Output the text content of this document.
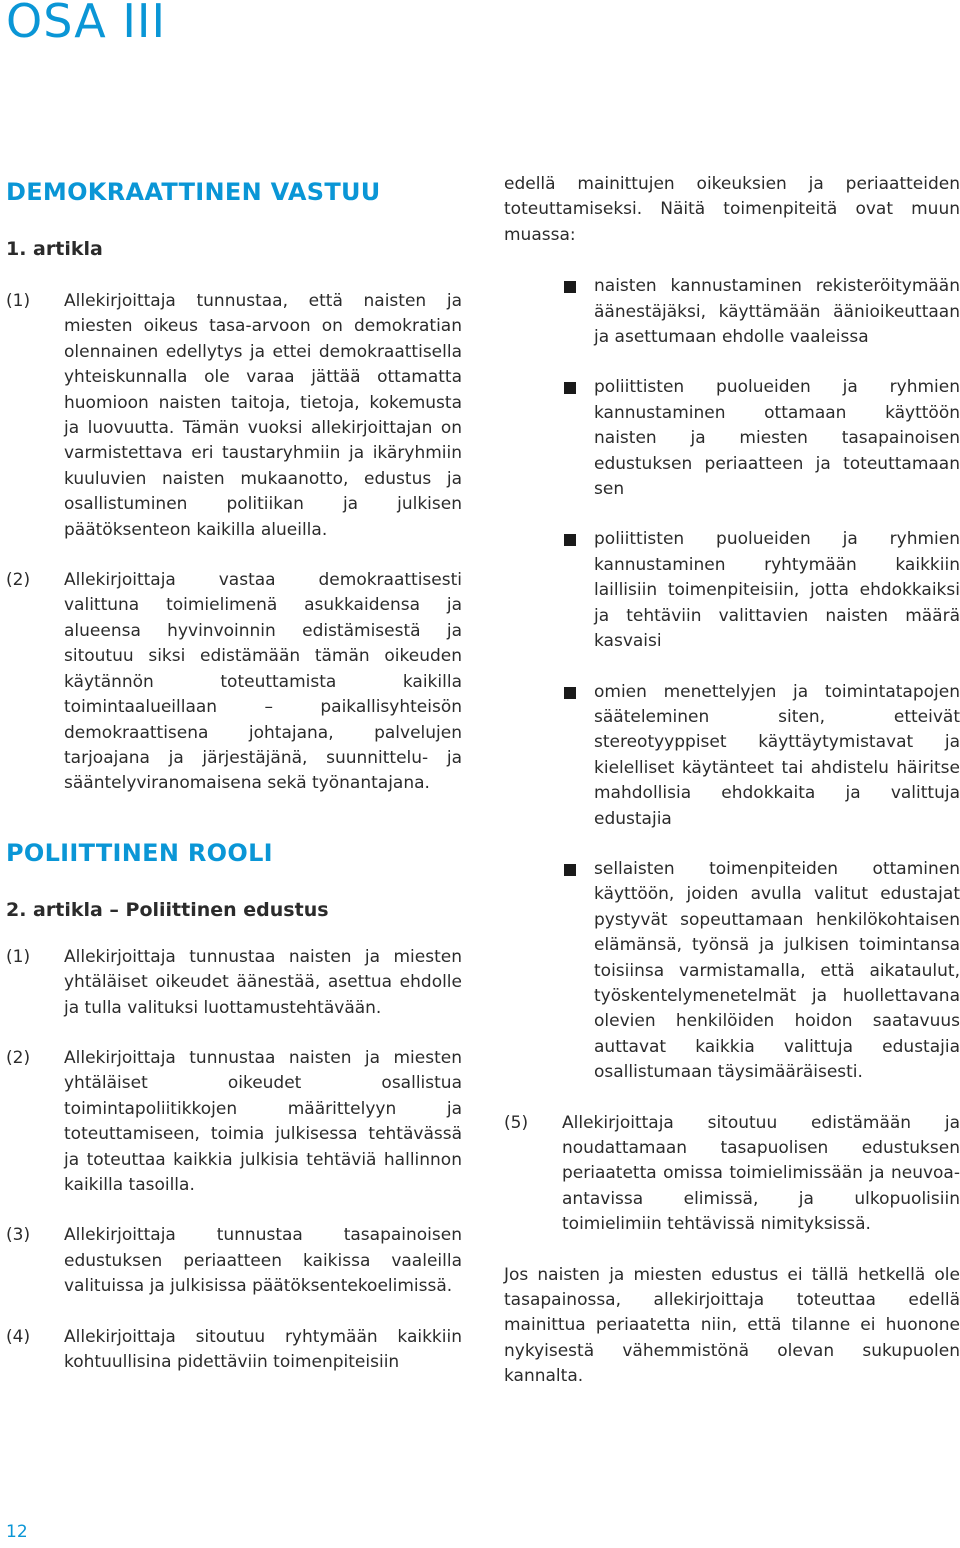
OSA III
DEMOKRAATTINEN VASTUU
1. artikla
(1)	Allekirjoittaja tunnustaa, että naisten ja miesten oikeus tasa-arvoon on demokratian olennainen edellytys ja ettei demokraattisella yhteiskunnalla ole varaa jättää ottamatta huomioon naisten taitoja, tietoja, kokemusta ja luovuutta. Tämän vuoksi allekirjoittajan on varmistettava eri taustaryhmiin ja ikäryhmiin kuuluvien naisten mukaanotto, edustus ja osallistuminen politiikan ja julkisen päätöksenteon kaikilla alueilla.
(2)	Allekirjoittaja vastaa demokraattisesti valittuna toimielimenä asukkaidensa ja alueensa hyvinvoinnin edistämisestä ja sitoutuu siksi edistämään tämän oikeuden käytännön toteuttamista kaikilla toimintaalueillaan – paikallisyhteisön demokraattisena johtajana, palvelujen tarjoajana ja järjestäjänä, suunnittelu- ja sääntelyviranomaisena sekä työnantajana.
POLIITTINEN ROOLI
2. artikla – Poliittinen edustus
(1)	Allekirjoittaja tunnustaa naisten ja miesten yhtäläiset oikeudet äänestää, asettua ehdolle ja tulla valituksi luottamustehtävään.
(2)	Allekirjoittaja tunnustaa naisten ja miesten yhtäläiset oikeudet osallistua toimintapoliitikkojen määrittelyyn ja toteuttamiseen, toimia julkisessa tehtävässä ja toteuttaa kaikkia julkisia tehtäviä hallinnon kaikilla tasoilla.
(3)	Allekirjoittaja tunnustaa tasapainoisen edustuksen periaatteen kaikissa vaaleilla valituissa ja julkisissa päätöksentekoelimissä.
(4)	Allekirjoittaja sitoutuu ryhtymään kaikkiin kohtuullisina pidettäviin toimenpiteisiin
edellä mainittujen oikeuksien ja periaatteiden toteuttamiseksi. Näitä toimenpiteitä ovat muun muassa:
naisten kannustaminen rekisteröitymään äänestäjäksi, käyttämään äänioikeuttaan ja asettumaan ehdolle vaaleissa
poliittisten puolueiden ja ryhmien kannustaminen ottamaan käyttöön naisten ja miesten tasapainoisen edustuksen periaatteen ja toteuttamaan sen
poliittisten puolueiden ja ryhmien kannustaminen ryhtymään kaikkiin laillisiin toimenpiteisiin, jotta ehdokkaiksi ja tehtäviin valittavien naisten määrä kasvaisi
omien menettelyjen ja toimintatapojen sääteleminen siten, etteivät stereotyyppiset käyttäytymistavat ja kielelliset käytänteet tai ahdistelu häiritse mahdollisia ehdokkaita ja valittuja edustajia
sellaisten toimenpiteiden ottaminen käyttöön, joiden avulla valitut edustajat pystyvät sopeuttamaan henkilökohtaisen elämänsä, työnsä ja julkisen toimintansa toisiinsa varmistamalla, että aikataulut, työskentelymenetelmät ja huollettavana olevien henkilöiden hoidon saatavuus auttavat kaikkia valittuja edustajia osallistumaan täysimääräisesti.
(5)	Allekirjoittaja sitoutuu edistämään ja noudattamaan tasapuolisen edustuksen periaatetta omissa toimielimissään ja neuvoa-antavissa elimissä, ja ulkopuolisiin toimielimiin tehtävissä nimityksissä.
Jos naisten ja miesten edustus ei tällä hetkellä ole tasapainossa, allekirjoittaja toteuttaa edellä mainittua periaatetta niin, että tilanne ei huonone nykyisestä vähemmistönä olevan sukupuolen kannalta.
12
